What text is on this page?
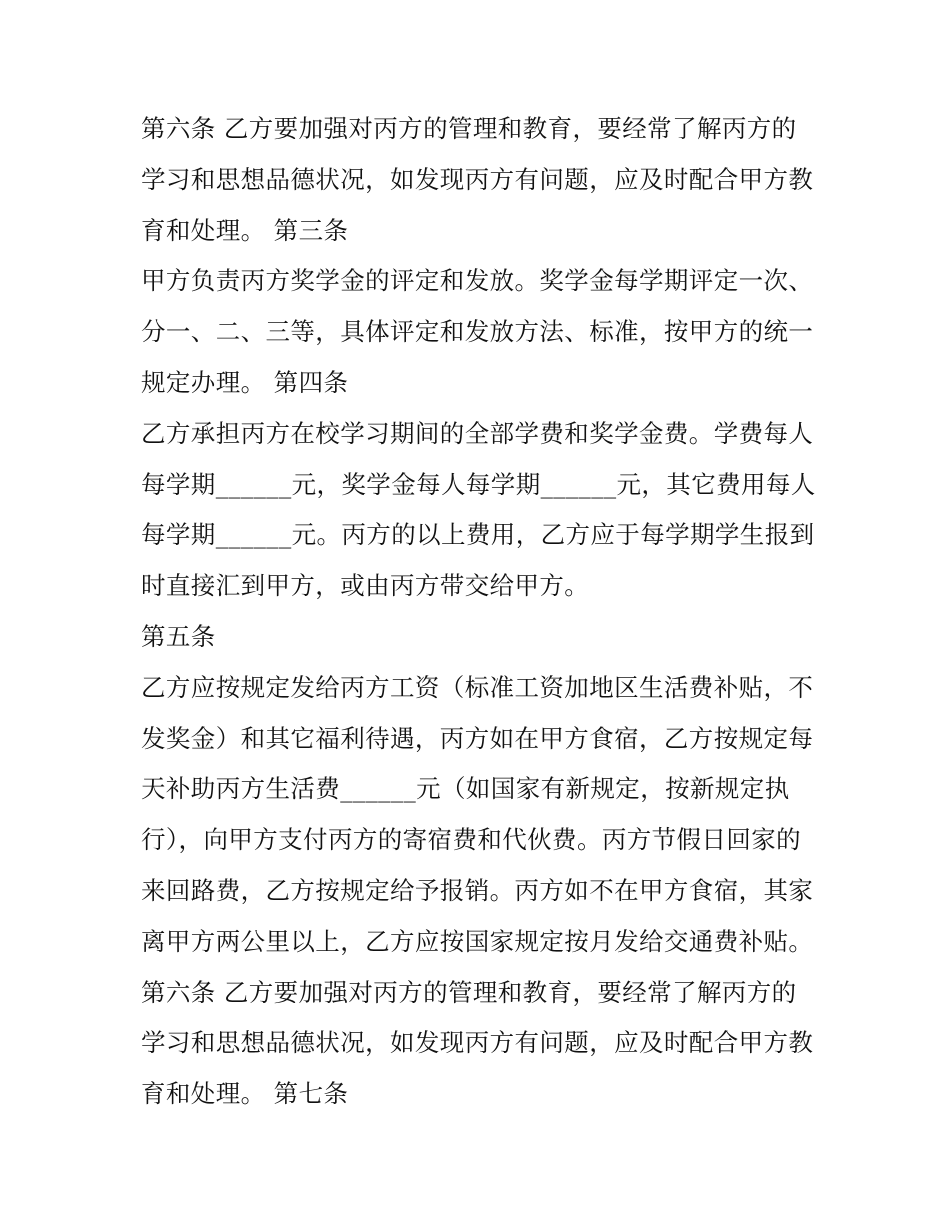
第六条 乙方要加强对丙方的管理和教育，要经常了解丙方的
学习和思想品德状况，如发现丙方有问题，应及时配合甲方教
育和处理。 第三条
甲方负责丙方奖学金的评定和发放。奖学金每学期评定一次、
分一、二、三等，具体评定和发放方法、标准，按甲方的统一
规定办理。 第四条
乙方承担丙方在校学习期间的全部学费和奖学金费。学费每人
每学期______元，奖学金每人每学期______元，其它费用每人
每学期______元。丙方的以上费用，乙方应于每学期学生报到
时直接汇到甲方，或由丙方带交给甲方。
第五条
乙方应按规定发给丙方工资（标准工资加地区生活费补贴，不
发奖金）和其它福利待遇，丙方如在甲方食宿，乙方按规定每
天补助丙方生活费______元（如国家有新规定，按新规定执
行），向甲方支付丙方的寄宿费和代伙费。丙方节假日回家的
来回路费，乙方按规定给予报销。丙方如不在甲方食宿，其家
离甲方两公里以上，乙方应按国家规定按月发给交通费补贴。
第六条 乙方要加强对丙方的管理和教育，要经常了解丙方的
学习和思想品德状况，如发现丙方有问题，应及时配合甲方教
育和处理。 第七条
